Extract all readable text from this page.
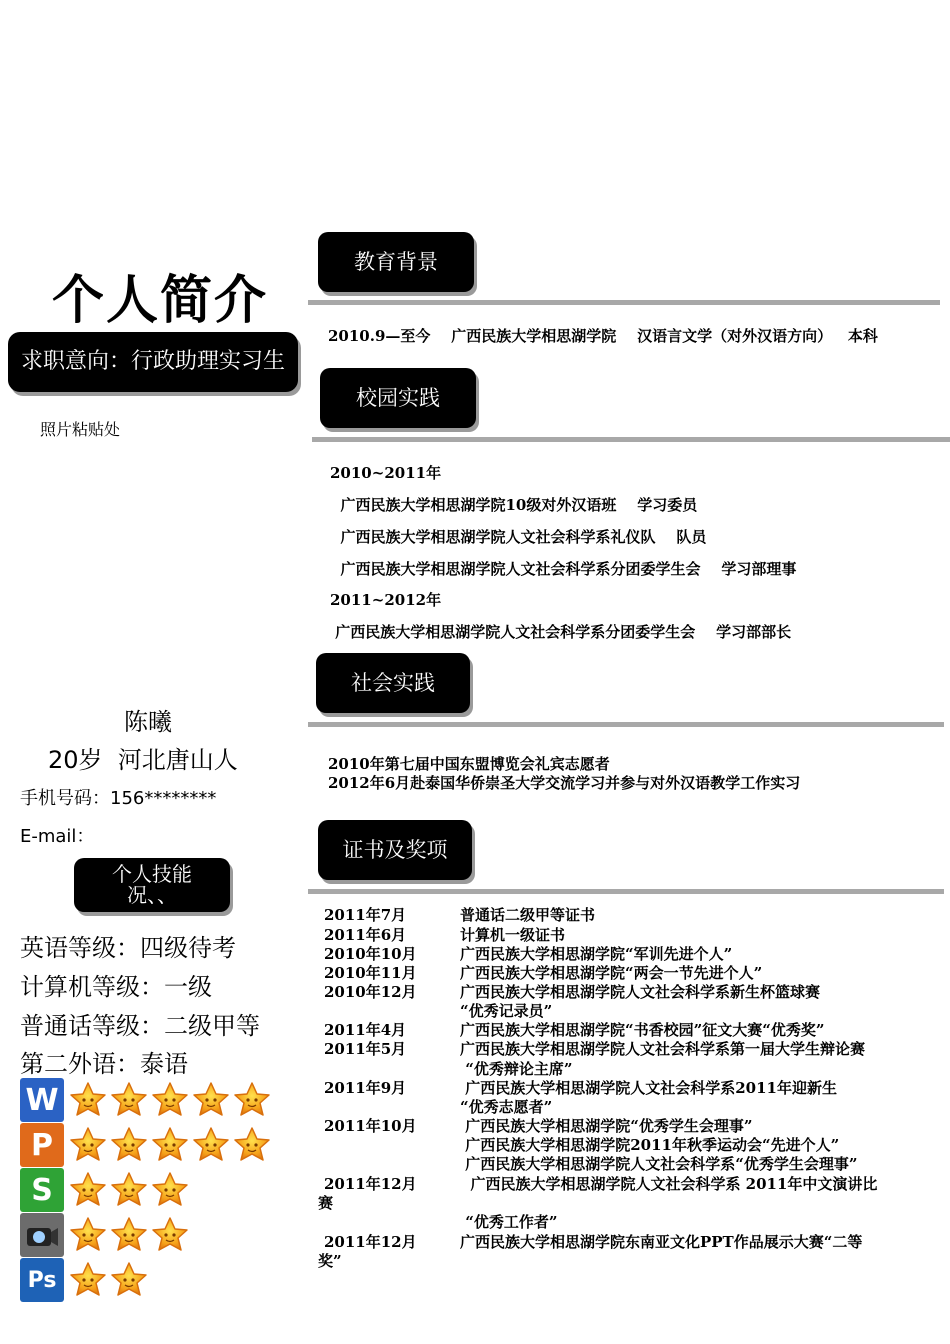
个人简介
求职意向：行政助理实习生
照片粘贴处
陈曦
20岁  河北唐山人
手机号码：156********
E-mail：
个人技能况、、
英语等级：四级待考
计算机等级：一级
普通话等级：二级甲等
第二外语：泰语
W
P
S
Ps
教育背景
2010.9—至今    广西民族大学相思湖学院    汉语言文学（对外汉语方向）   本科
校园实践
2010~2011年
广西民族大学相思湖学院10级对外汉语班    学习委员
广西民族大学相思湖学院人文社会科学系礼仪队    队员
广西民族大学相思湖学院人文社会科学系分团委学生会    学习部理事
2011~2012年
广西民族大学相思湖学院人文社会科学系分团委学生会    学习部部长
社会实践
2010年第七届中国东盟博览会礼宾志愿者
2012年6月赴泰国华侨崇圣大学交流学习并参与对外汉语教学工作实习
证书及奖项
2011年7月	普通话二级甲等证书
2011年6月	计算机一级证书
2010年10月	广西民族大学相思湖学院“军训先进个人”
2010年11月	广西民族大学相思湖学院“两会一节先进个人”
2010年12月	广西民族大学相思湖学院人文社会科学系新生杯篮球赛
“优秀记录员”
2011年4月	广西民族大学相思湖学院“书香校园”征文大赛“优秀奖”
2011年5月	广西民族大学相思湖学院人文社会科学系第一届大学生辩论赛
“优秀辩论主席”
2011年9月	广西民族大学相思湖学院人文社会科学系2011年迎新生
“优秀志愿者”
2011年10月	广西民族大学相思湖学院“优秀学生会理事”
广西民族大学相思湖学院2011年秋季运动会“先进个人”
广西民族大学相思湖学院人文社会科学系“优秀学生会理事”
2011年12月	广西民族大学相思湖学院人文社会科学系 2011年中文演讲比
赛
“优秀工作者”
2011年12月	广西民族大学相思湖学院东南亚文化PPT作品展示大赛“二等
奖”
